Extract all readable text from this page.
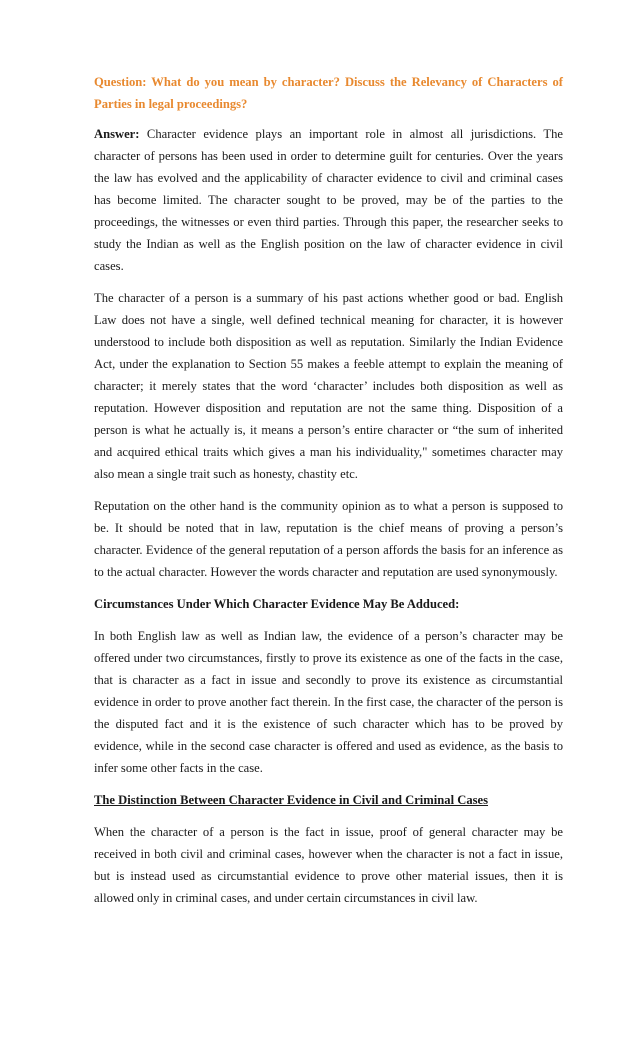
Question: What do you mean by character? Discuss the Relevancy of Characters of Parties in legal proceedings?

Answer: Character evidence plays an important role in almost all jurisdictions. The character of persons has been used in order to determine guilt for centuries. Over the years the law has evolved and the applicability of character evidence to civil and criminal cases has become limited. The character sought to be proved, may be of the parties to the proceedings, the witnesses or even third parties. Through this paper, the researcher seeks to study the Indian as well as the English position on the law of character evidence in civil cases.

The character of a person is a summary of his past actions whether good or bad. English Law does not have a single, well defined technical meaning for character, it is however understood to include both disposition as well as reputation. Similarly the Indian Evidence Act, under the explanation to Section 55 makes a feeble attempt to explain the meaning of character; it merely states that the word ‘character’ includes both disposition as well as reputation. However disposition and reputation are not the same thing. Disposition of a person is what he actually is, it means a person’s entire character or “the sum of inherited and acquired ethical traits which gives a man his individuality," sometimes character may also mean a single trait such as honesty, chastity etc.

Reputation on the other hand is the community opinion as to what a person is supposed to be. It should be noted that in law, reputation is the chief means of proving a person’s character. Evidence of the general reputation of a person affords the basis for an inference as to the actual character. However the words character and reputation are used synonymously.

Circumstances Under Which Character Evidence May Be Adduced:

In both English law as well as Indian law, the evidence of a person’s character may be offered under two circumstances, firstly to prove its existence as one of the facts in the case, that is character as a fact in issue and secondly to prove its existence as circumstantial evidence in order to prove another fact therein. In the first case, the character of the person is the disputed fact and it is the existence of such character which has to be proved by evidence, while in the second case character is offered and used as evidence, as the basis to infer some other facts in the case.

The Distinction Between Character Evidence in Civil and Criminal Cases

When the character of a person is the fact in issue, proof of general character may be received in both civil and criminal cases, however when the character is not a fact in issue, but is instead used as circumstantial evidence to prove other material issues, then it is allowed only in criminal cases, and under certain circumstances in civil law.
